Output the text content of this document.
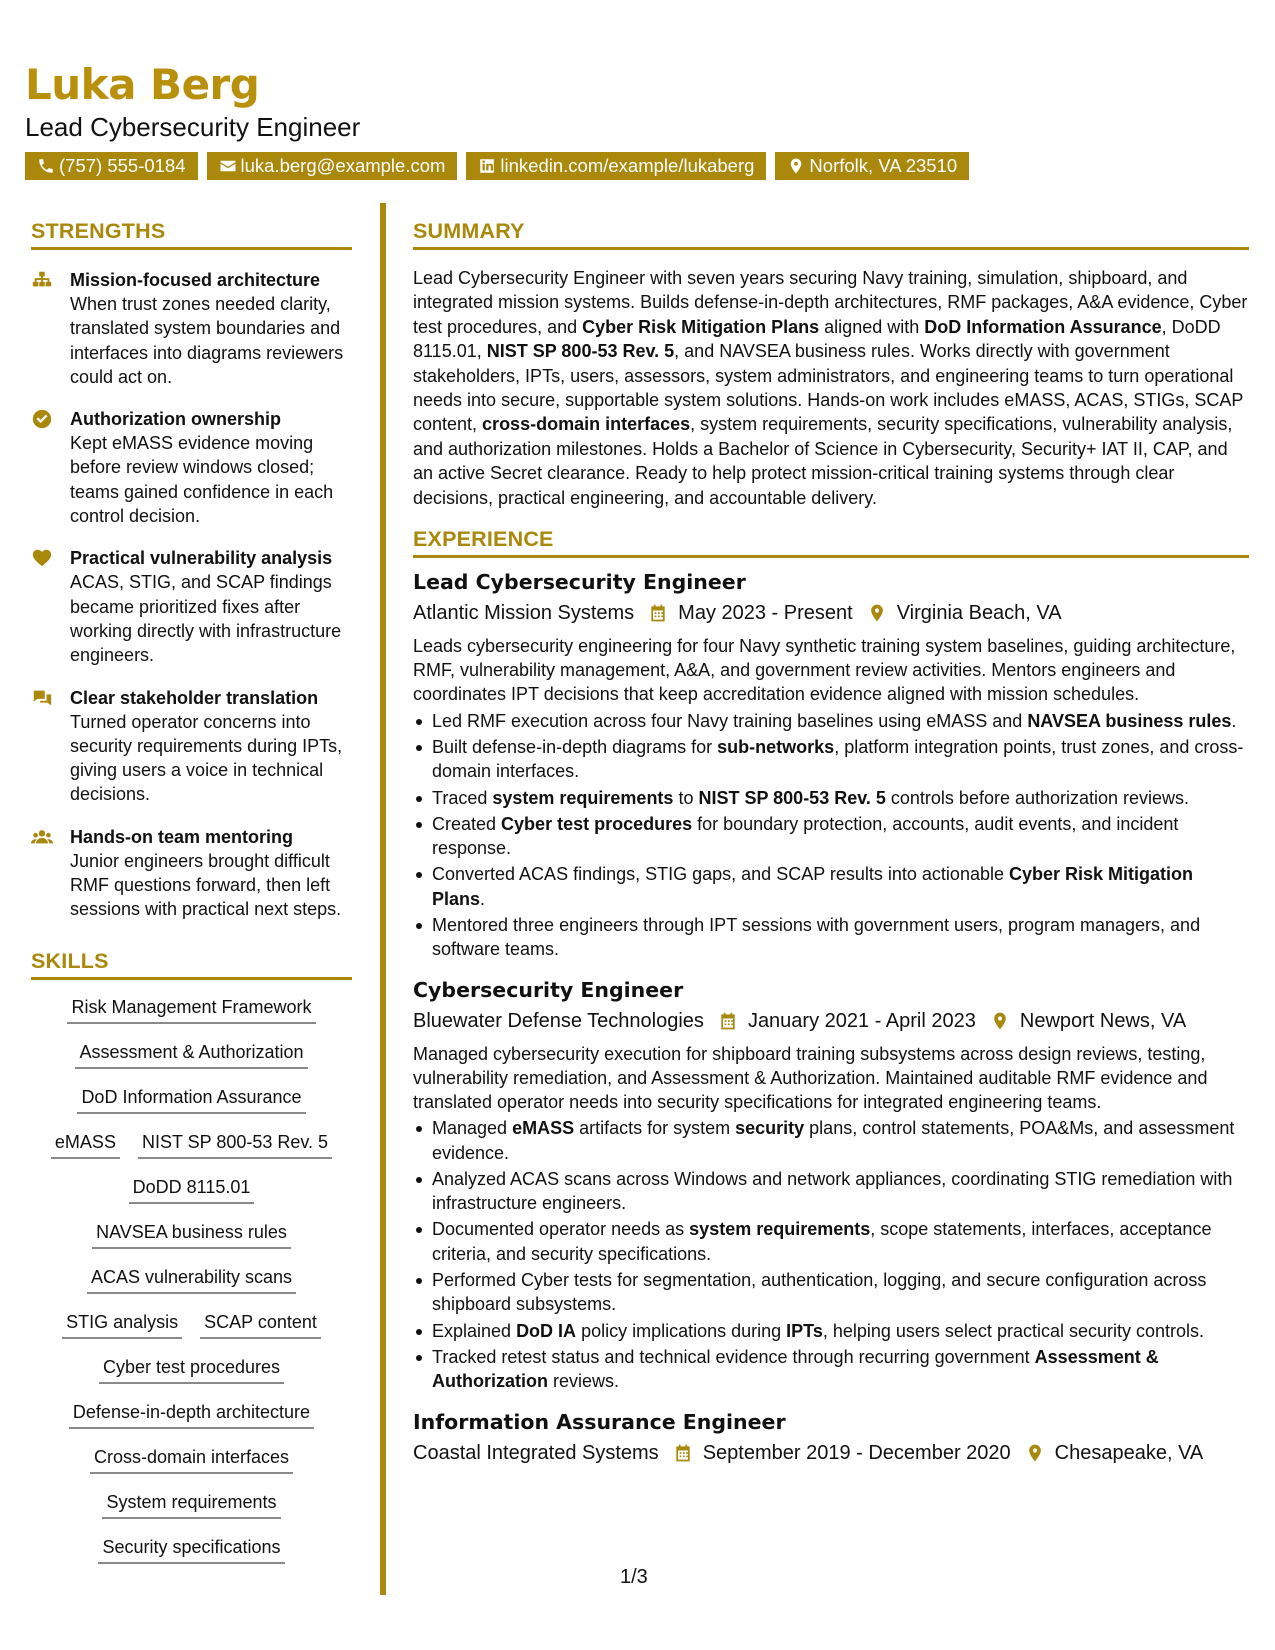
Luka Berg
Lead Cybersecurity Engineer
(757) 555-0184	luka.berg@example.com	linkedin.com/example/lukaberg	Norfolk, VA 23510
STRENGTHS
Mission-focused architecture
When trust zones needed clarity, translated system boundaries and interfaces into diagrams reviewers could act on.
Authorization ownership
Kept eMASS evidence moving before review windows closed; teams gained confidence in each control decision.
Practical vulnerability analysis
ACAS, STIG, and SCAP findings became prioritized fixes after working directly with infrastructure engineers.
Clear stakeholder translation
Turned operator concerns into security requirements during IPTs, giving users a voice in technical decisions.
Hands-on team mentoring
Junior engineers brought difficult RMF questions forward, then left sessions with practical next steps.
SKILLS
Risk Management Framework
Assessment & Authorization
DoD Information Assurance
eMASS NIST SP 800-53 Rev. 5
DoDD 8115.01
NAVSEA business rules
ACAS vulnerability scans
STIG analysis SCAP content
Cyber test procedures
Defense-in-depth architecture
Cross-domain interfaces
System requirements
Security specifications
SUMMARY
Lead Cybersecurity Engineer with seven years securing Navy training, simulation, shipboard, and integrated mission systems. Builds defense-in-depth architectures, RMF packages, A&A evidence, Cyber test procedures, and Cyber Risk Mitigation Plans aligned with DoD Information Assurance, DoDD 8115.01, NIST SP 800-53 Rev. 5, and NAVSEA business rules. Works directly with government stakeholders, IPTs, users, assessors, system administrators, and engineering teams to turn operational needs into secure, supportable system solutions. Hands-on work includes eMASS, ACAS, STIGs, SCAP content, cross-domain interfaces, system requirements, security specifications, vulnerability analysis, and authorization milestones. Holds a Bachelor of Science in Cybersecurity, Security+ IAT II, CAP, and an active Secret clearance. Ready to help protect mission-critical training systems through clear decisions, practical engineering, and accountable delivery.
EXPERIENCE
Lead Cybersecurity Engineer
Atlantic Mission Systems May 2023 - Present Virginia Beach, VA
Leads cybersecurity engineering for four Navy synthetic training system baselines, guiding architecture, RMF, vulnerability management, A&A, and government review activities. Mentors engineers and coordinates IPT decisions that keep accreditation evidence aligned with mission schedules.
Led RMF execution across four Navy training baselines using eMASS and NAVSEA business rules.
Built defense-in-depth diagrams for sub-networks, platform integration points, trust zones, and cross-domain interfaces.
Traced system requirements to NIST SP 800-53 Rev. 5 controls before authorization reviews.
Created Cyber test procedures for boundary protection, accounts, audit events, and incident response.
Converted ACAS findings, STIG gaps, and SCAP results into actionable Cyber Risk Mitigation Plans.
Mentored three engineers through IPT sessions with government users, program managers, and software teams.
Cybersecurity Engineer
Bluewater Defense Technologies January 2021 - April 2023 Newport News, VA
Managed cybersecurity execution for shipboard training subsystems across design reviews, testing, vulnerability remediation, and Assessment & Authorization. Maintained auditable RMF evidence and translated operator needs into security specifications for integrated engineering teams.
Managed eMASS artifacts for system security plans, control statements, POA&Ms, and assessment evidence.
Analyzed ACAS scans across Windows and network appliances, coordinating STIG remediation with infrastructure engineers.
Documented operator needs as system requirements, scope statements, interfaces, acceptance criteria, and security specifications.
Performed Cyber tests for segmentation, authentication, logging, and secure configuration across shipboard subsystems.
Explained DoD IA policy implications during IPTs, helping users select practical security controls.
Tracked retest status and technical evidence through recurring government Assessment & Authorization reviews.
Information Assurance Engineer
Coastal Integrated Systems September 2019 - December 2020 Chesapeake, VA
1/3
